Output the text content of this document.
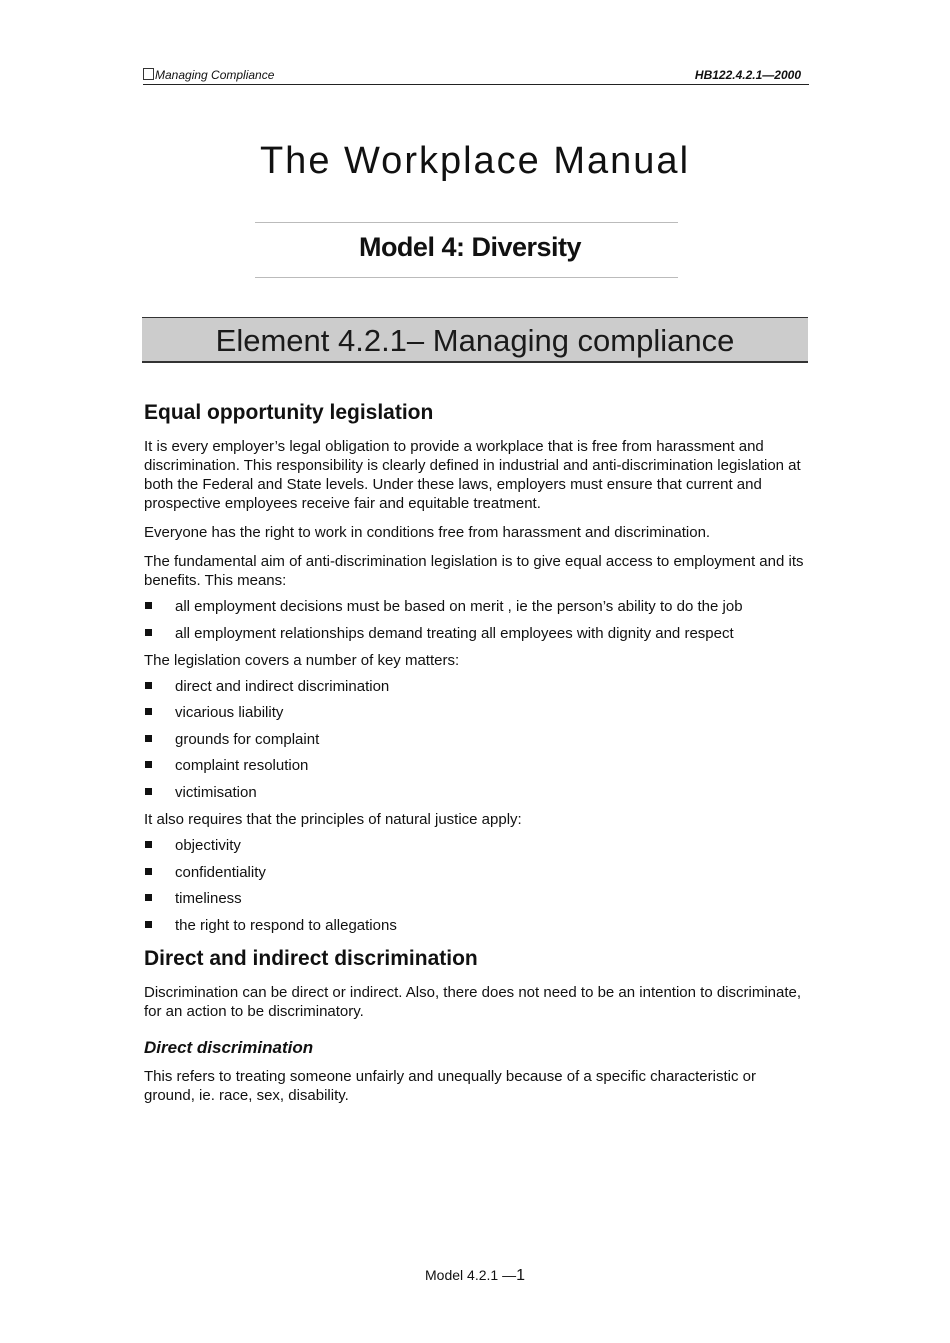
Managing Compliance	HB122.4.2.1—2000
The Workplace Manual
Model 4: Diversity
Element 4.2.1– Managing compliance
Equal opportunity legislation

It is every employer’s legal obligation to provide a workplace that is free from harassment and discrimination. This responsibility is clearly defined in industrial and anti-discrimination legislation at both the Federal and State levels. Under these laws, employers must ensure that current and prospective employees receive fair and equitable treatment.

Everyone has the right to work in conditions free from harassment and discrimination.

The fundamental aim of anti-discrimination legislation is to give equal access to employment and its benefits. This means:

all employment decisions must be based on merit , ie the person’s ability to do the job
all employment relationships demand treating all employees with dignity and respect

The legislation covers a number of key matters:

direct and indirect discrimination
vicarious liability
grounds for complaint
complaint resolution
victimisation

It also requires that the principles of natural justice apply:

objectivity
confidentiality
timeliness
the right to respond to allegations
Direct and indirect discrimination

Discrimination can be direct or indirect. Also, there does not need to be an intention to discriminate, for an action to be discriminatory.

Direct discrimination

This refers to treating someone unfairly and unequally because of a specific characteristic or ground, ie. race, sex, disability.

Model 4.2.1 —1
